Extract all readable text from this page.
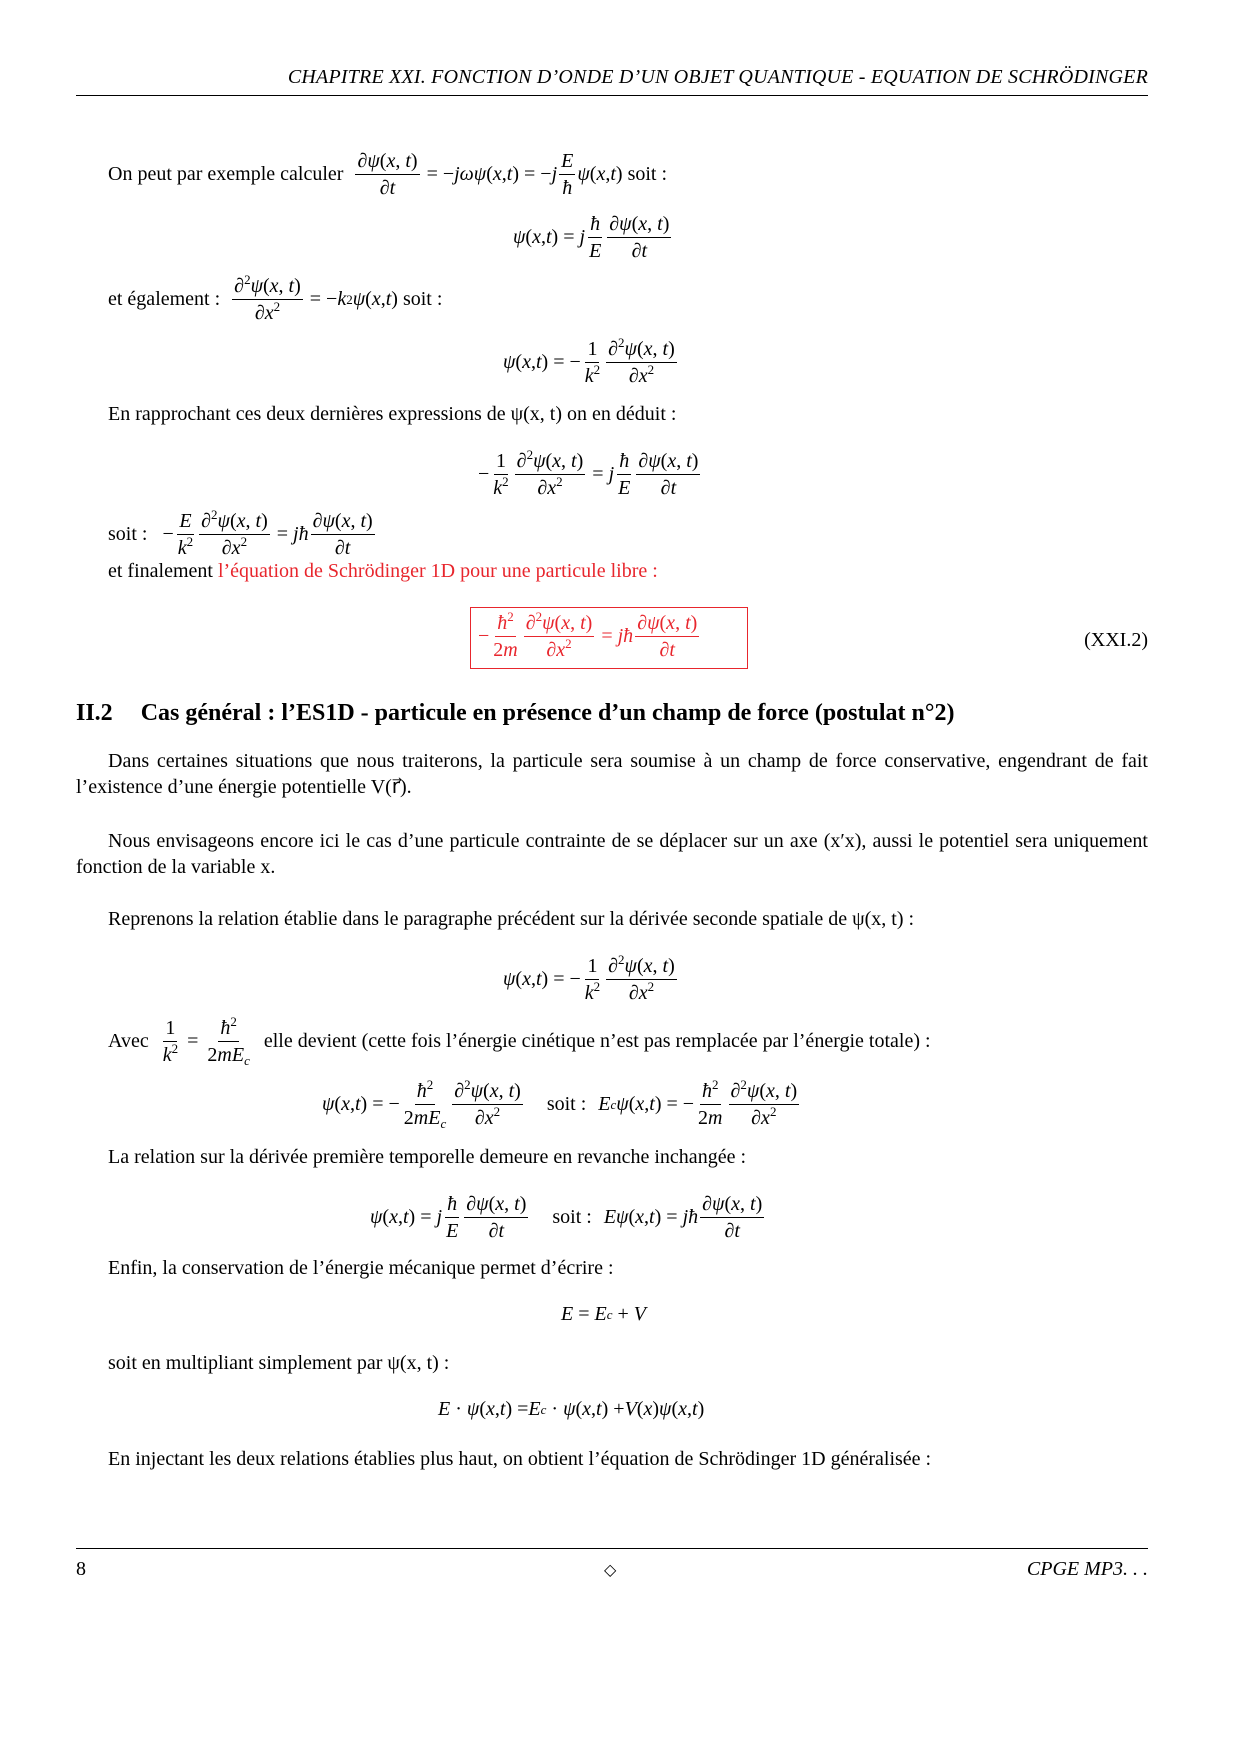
CHAPITRE XXI. FONCTION D’ONDE D’UN OBJET QUANTIQUE - EQUATION DE SCHRÖDINGER
On peut par exemple calculer
$\frac{\partial\psi(x, t)}{\partial t}$ = − jωψ ( x , t ) = − j $\frac{E}{ħ}$ ψ ( x , t ) soit :
ψ ( x , t ) = j $\frac{ħ}{E} \frac{\partial\psi(x, t)}{\partial t}$
et également :
$\frac{\partial^2\psi(x, t)}{\partial x^2}$ = − k 2 ψ ( x , t ) soit :
ψ ( x , t ) = − $\frac{1}{k^2} \frac{\partial^2\psi(x, t)}{\partial x^2}$
En rapprochant ces deux dernières expressions de ψ(x, t) on en déduit :
− $\frac{1}{k^2} \frac{\partial^2\psi(x, t)}{\partial x^2} = j \frac{ħ}{E} \frac{\partial\psi(x, t)}{\partial t}$
soit :
− $\frac{E}{k^2} \frac{\partial^2\psi(x, t)}{\partial x^2}$ = jħ $\frac{\partial\psi(x, t)}{\partial t}$
et finalement l’équation de Schrödinger 1D pour une particule libre :
− $\frac{ħ^2}{2m} \frac{\partial^2\psi(x, t)}{\partial x^2}$ = jħ $\frac{\partial\psi(x, t)}{\partial t}$	(XXI.2)
II.2 Cas général : l’ES1D - particule en présence d’un champ de force (postulat n°2)
Dans certaines situations que nous traiterons, la particule sera soumise à un champ de force conservative, engendrant de fait l’existence d’une énergie potentielle V(r⃗).
Nous envisageons encore ici le cas d’une particule contrainte de se déplacer sur un axe (x′x), aussi le potentiel sera uniquement fonction de la variable x.
Reprenons la relation établie dans le paragraphe précédent sur la dérivée seconde spatiale de ψ(x, t) :
ψ ( x , t ) = − $\frac{1}{k^2} \frac{\partial^2\psi(x, t)}{\partial x^2}$
Avec
$\frac{1}{k^2} = \frac{ħ^2}{2mE_c}$
elle devient (cette fois l’énergie cinétique n’est pas remplacée par l’énergie totale) :
ψ ( x , t ) = − $\frac{ħ^2}{2mE_c} \frac{\partial^2\psi(x, t)}{\partial x^2}$ soit : E c ψ ( x , t ) = − $\frac{ħ^2}{2m} \frac{\partial^2\psi(x, t)}{\partial x^2}$
La relation sur la dérivée première temporelle demeure en revanche inchangée :
ψ ( x , t ) = j $\frac{ħ}{E} \frac{\partial\psi(x, t)}{\partial t}$ soit : Eψ ( x , t ) = jħ $\frac{\partial\psi(x, t)}{\partial t}$
Enfin, la conservation de l’énergie mécanique permet d’écrire :
E = E c + V
soit en multipliant simplement par ψ(x, t) :
E · ψ ( x , t ) = E c · ψ ( x , t ) + V ( x ) ψ ( x , t )
En injectant les deux relations établies plus haut, on obtient l’équation de Schrödinger 1D généralisée :
8	◇	CPGE MP3. . .
